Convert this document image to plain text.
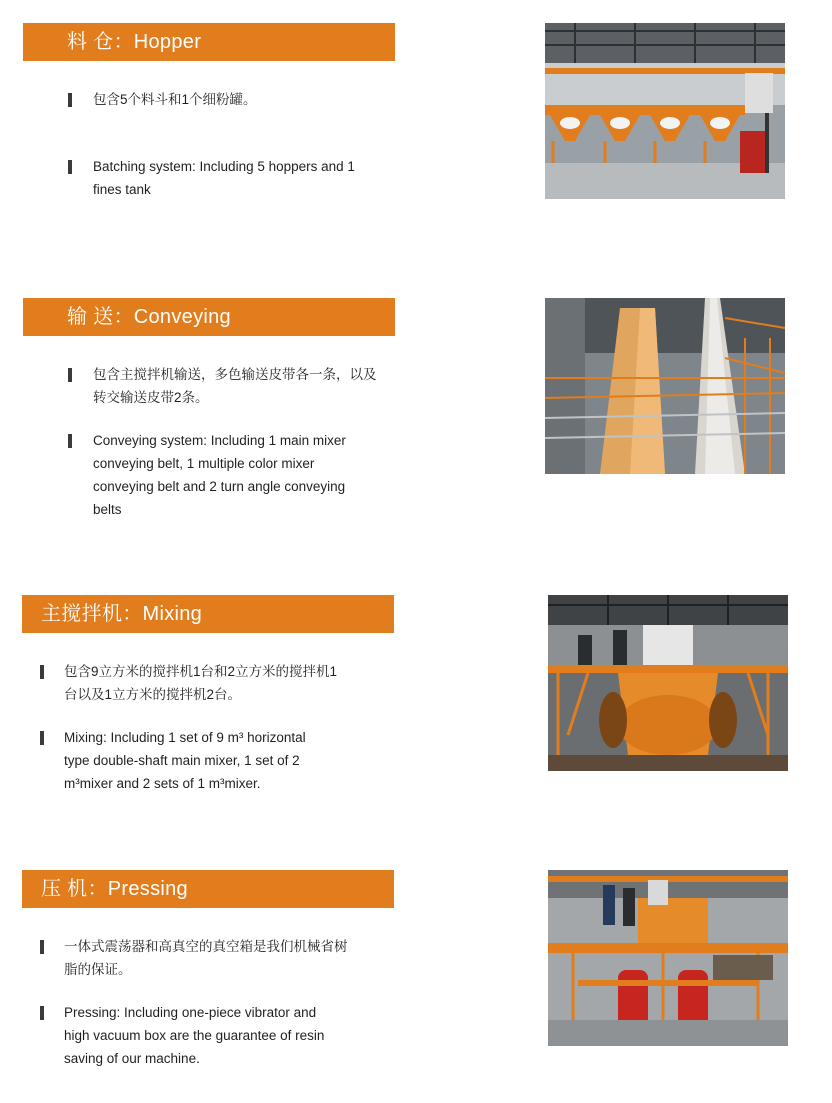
料 仓：Hopper
包含5个料斗和1个细粉罐。
Batching system: Including 5 hoppers and 1 fines tank
输 送：Conveying
包含主搅拌机输送，多色输送皮带各一条，以及转交输送皮带2条。
Conveying system: Including 1 main mixer conveying belt, 1 multiple color mixer conveying belt and 2 turn angle conveying belts
主搅拌机：Mixing
包含9立方米的搅拌机1台和2立方米的搅拌机1台以及1立方米的搅拌机2台。
Mixing: Including 1 set of 9 m³ horizontal type double-shaft main mixer, 1 set of 2 m³mixer and 2 sets of 1 m³mixer.
压 机：Pressing
一体式震荡器和高真空的真空箱是我们机械省树脂的保证。
Pressing: Including one-piece vibrator and high vacuum box are the guarantee of resin saving of our machine.
